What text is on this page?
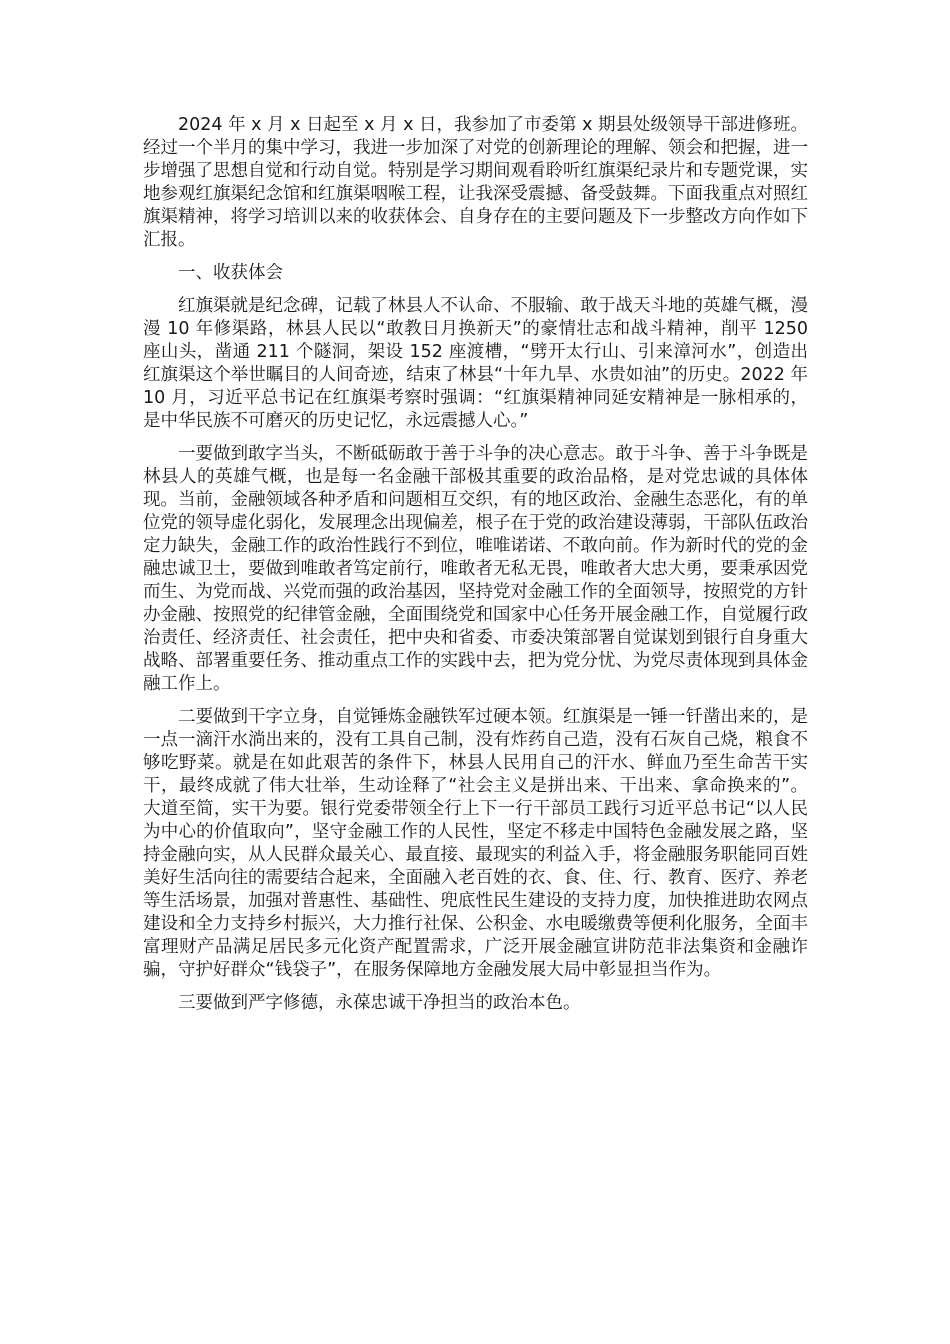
2024 年 x 月 x 日起至 x 月 x 日，我参加了市委第 x 期县处级领导干部进修班。经过一个半月的集中学习，我进一步加深了对党的创新理论的理解、领会和把握，进一步增强了思想自觉和行动自觉。特别是学习期间观看聆听红旗渠纪录片和专题党课，实地参观红旗渠纪念馆和红旗渠咽喉工程，让我深受震撼、备受鼓舞。下面我重点对照红旗渠精神，将学习培训以来的收获体会、自身存在的主要问题及下一步整改方向作如下汇报。

一、收获体会

红旗渠就是纪念碑，记载了林县人不认命、不服输、敢于战天斗地的英雄气概，漫漫 10 年修渠路，林县人民以“敢教日月换新天”的豪情壮志和战斗精神，削平 1250 座山头，凿通 211 个隧洞，架设 152 座渡槽，“劈开太行山、引来漳河水”，创造出红旗渠这个举世瞩目的人间奇迹，结束了林县“十年九旱、水贵如油”的历史。2022 年 10 月，习近平总书记在红旗渠考察时强调：“红旗渠精神同延安精神是一脉相承的，是中华民族不可磨灭的历史记忆，永远震撼人心。”

一要做到敢字当头，不断砥砺敢于善于斗争的决心意志。敢于斗争、善于斗争既是林县人的英雄气概，也是每一名金融干部极其重要的政治品格，是对党忠诚的具体体现。当前，金融领域各种矛盾和问题相互交织，有的地区政治、金融生态恶化，有的单位党的领导虚化弱化，发展理念出现偏差，根子在于党的政治建设薄弱，干部队伍政治定力缺失，金融工作的政治性践行不到位，唯唯诺诺、不敢向前。作为新时代的党的金融忠诚卫士，要做到唯敢者笃定前行，唯敢者无私无畏，唯敢者大忠大勇，要秉承因党而生、为党而战、兴党而强的政治基因，坚持党对金融工作的全面领导，按照党的方针办金融、按照党的纪律管金融，全面围绕党和国家中心任务开展金融工作，自觉履行政治责任、经济责任、社会责任，把中央和省委、市委决策部署自觉谋划到银行自身重大战略、部署重要任务、推动重点工作的实践中去，把为党分忧、为党尽责体现到具体金融工作上。

二要做到干字立身，自觉锤炼金融铁军过硬本领。红旗渠是一锤一钎凿出来的，是一点一滴汗水淌出来的，没有工具自己制，没有炸药自己造，没有石灰自己烧，粮食不够吃野菜。就是在如此艰苦的条件下，林县人民用自己的汗水、鲜血乃至生命苦干实干，最终成就了伟大壮举，生动诠释了“社会主义是拼出来、干出来、拿命换来的”。大道至简，实干为要。银行党委带领全行上下一行干部员工践行习近平总书记“以人民为中心的价值取向”，坚守金融工作的人民性，坚定不移走中国特色金融发展之路，坚持金融向实，从人民群众最关心、最直接、最现实的利益入手，将金融服务职能同百姓美好生活向往的需要结合起来，全面融入老百姓的衣、食、住、行、教育、医疗、养老等生活场景，加强对普惠性、基础性、兜底性民生建设的支持力度，加快推进助农网点建设和全力支持乡村振兴，大力推行社保、公积金、水电暖缴费等便利化服务，全面丰富理财产品满足居民多元化资产配置需求，广泛开展金融宣讲防范非法集资和金融诈骗，守护好群众“钱袋子”，在服务保障地方金融发展大局中彰显担当作为。

三要做到严字修德，永葆忠诚干净担当的政治本色。
